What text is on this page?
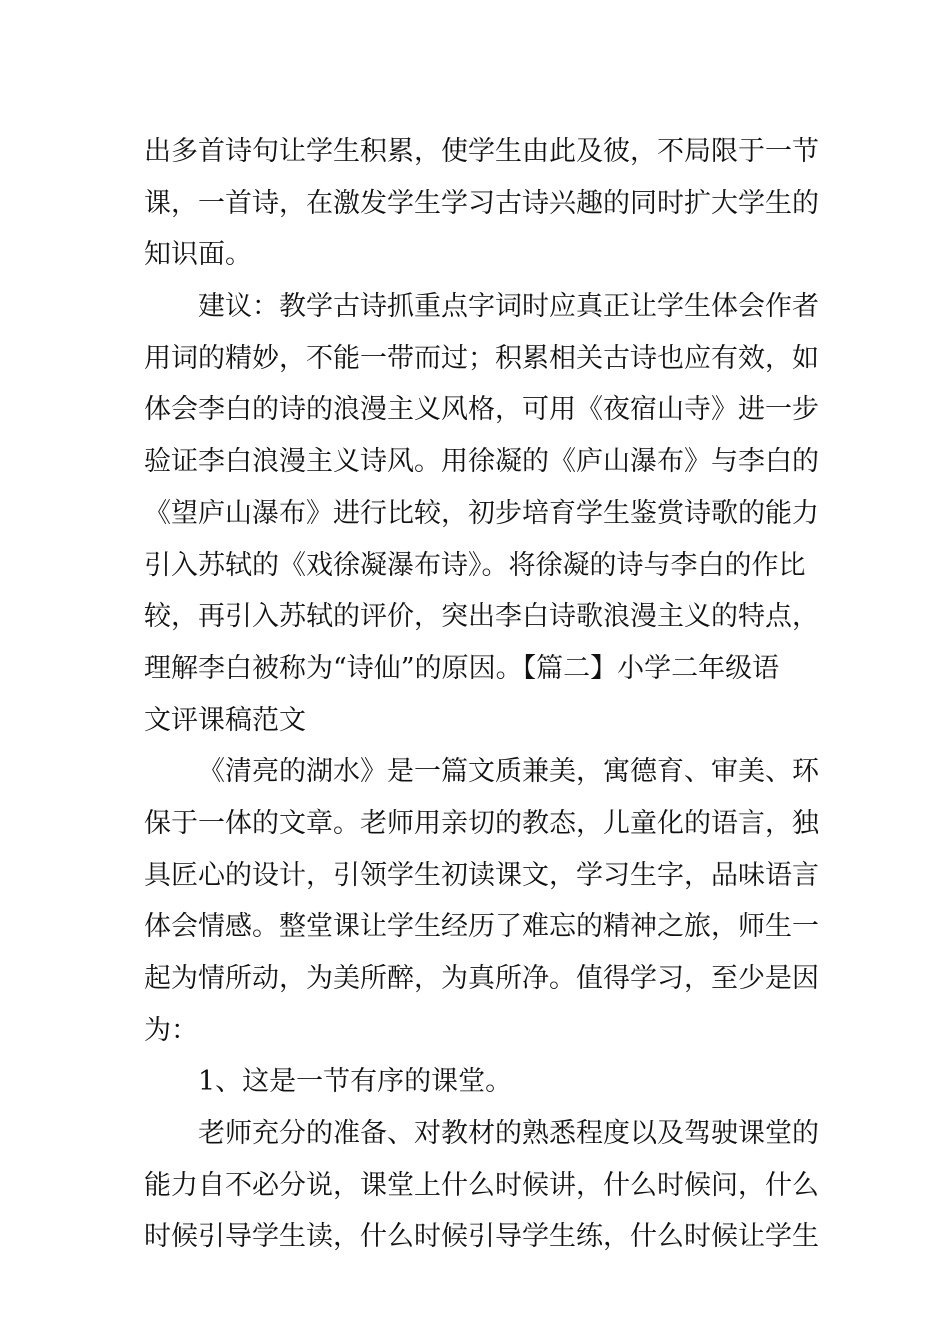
出多首诗句让学生积累，使学生由此及彼，不局限于一节
课，一首诗，在激发学生学习古诗兴趣的同时扩大学生的
知识面。
建议：教学古诗抓重点字词时应真正让学生体会作者
用词的精妙，不能一带而过；积累相关古诗也应有效，如
体会李白的诗的浪漫主义风格，可用《夜宿山寺》进一步
验证李白浪漫主义诗风。用徐凝的《庐山瀑布》与李白的
《望庐山瀑布》进行比较，初步培育学生鉴赏诗歌的能力
引入苏轼的《戏徐凝瀑布诗》。将徐凝的诗与李白的作比
较，再引入苏轼的评价，突出李白诗歌浪漫主义的特点，
理解李白被称为“诗仙”的原因。【篇二】小学二年级语
文评课稿范文
《清亮的湖水》是一篇文质兼美，寓德育、审美、环
保于一体的文章。老师用亲切的教态，儿童化的语言，独
具匠心的设计，引领学生初读课文，学习生字，品味语言
体会情感。整堂课让学生经历了难忘的精神之旅，师生一
起为情所动，为美所醉，为真所净。值得学习，至少是因
为：
1、这是一节有序的课堂。
老师充分的准备、对教材的熟悉程度以及驾驶课堂的
能力自不必分说，课堂上什么时候讲，什么时候问，什么
时候引导学生读，什么时候引导学生练，什么时候让学生
